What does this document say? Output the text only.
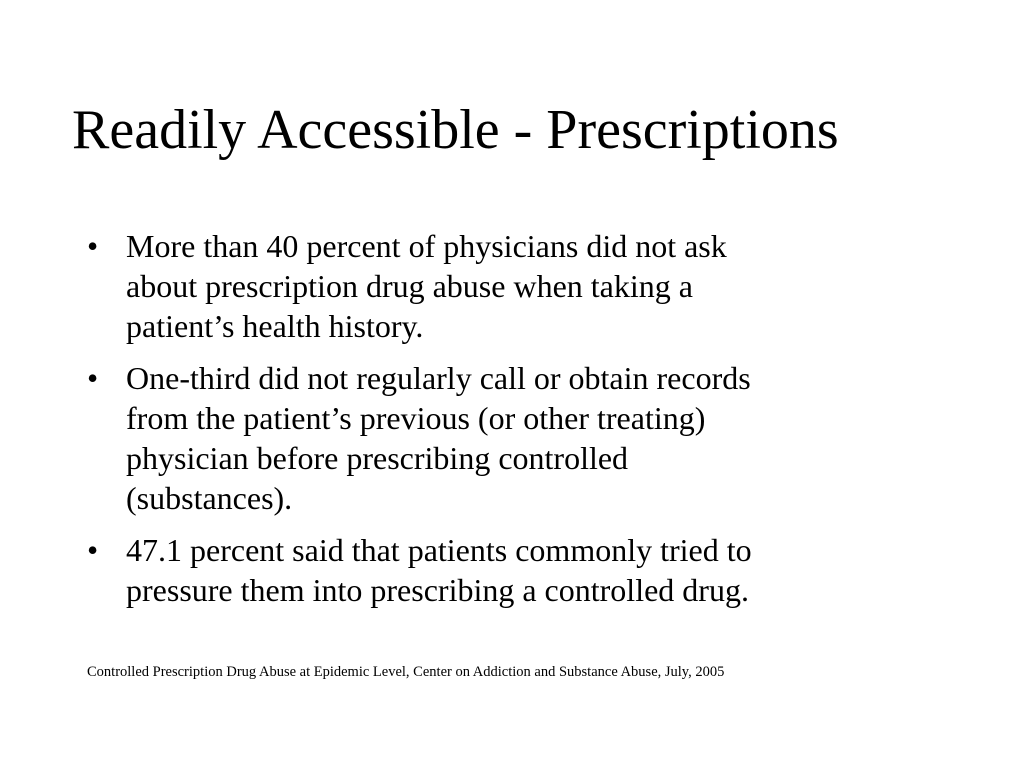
Readily Accessible - Prescriptions
• More than 40 percent of physicians did not ask
about prescription drug abuse when taking a
patient’s health history.
• One-third did not regularly call or obtain records
from the patient’s previous (or other treating)
physician before prescribing controlled
(substances).
• 47.1 percent said that patients commonly tried to
pressure them into prescribing a controlled drug.

Controlled Prescription Drug Abuse at Epidemic Level, Center on Addiction and Substance Abuse, July, 2005
